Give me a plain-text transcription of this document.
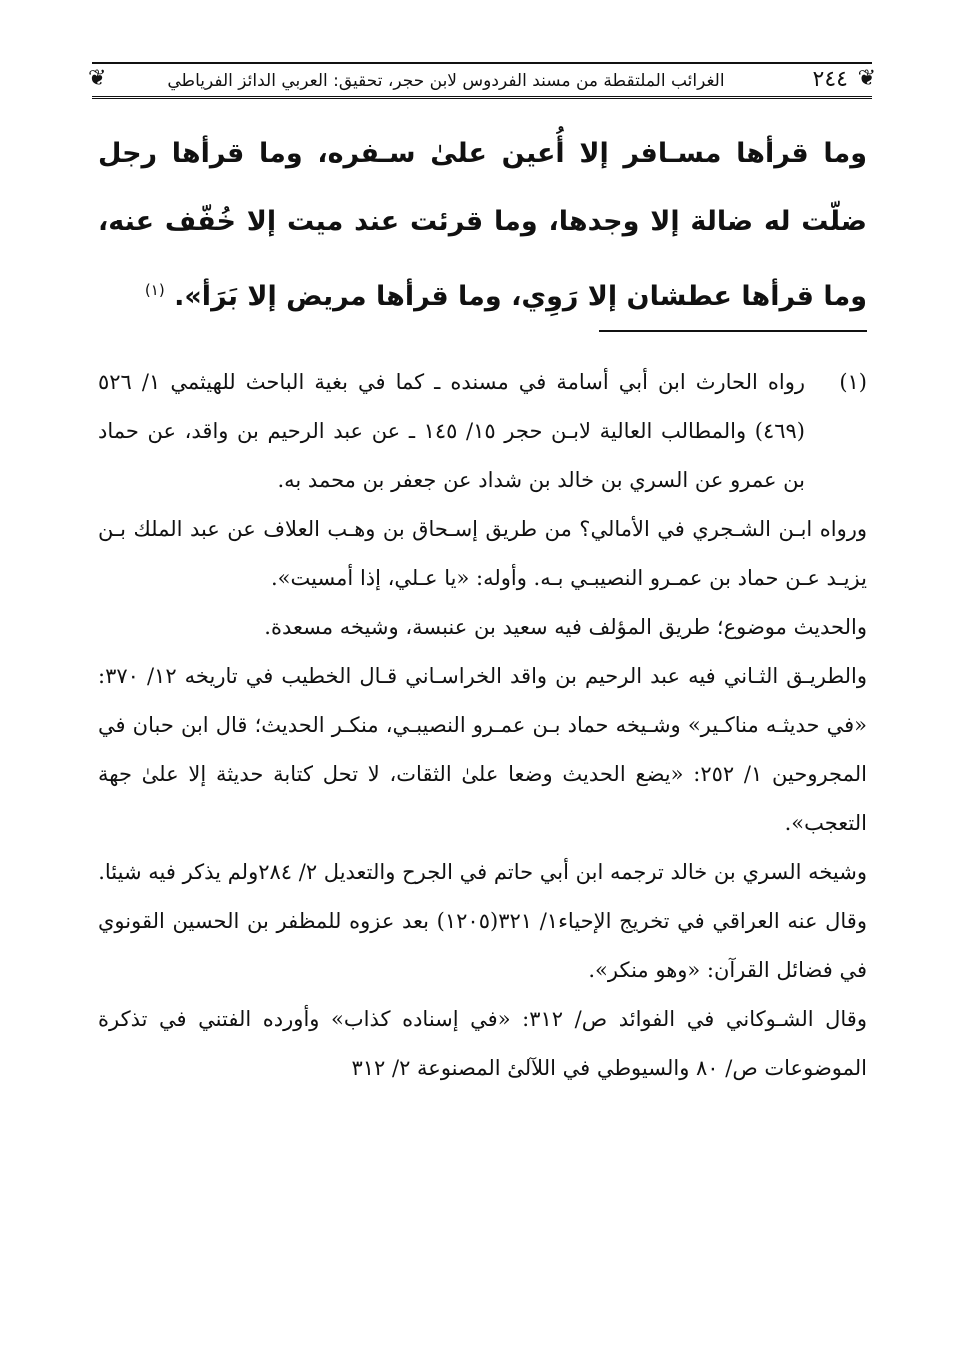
❦
❦	٢٤٤
الغرائب الملتقطة من مسند الفردوس لابن حجر، تحقيق: العربي الدائز الفرياطي

وما قرأها مسـافر إلا أُعين علىٰ سـفره، وما قرأها رجل ضلّت له ضالة إلا وجدها، وما قرئت عند ميت إلا خُفّف عنه، وما قرأها عطشان إلا رَوِي، وما قرأها مريض إلا بَرَأ». $^{(١)}$

(١)

رواه الحارث ابن أبي أسامة في مسنده ـ كما في بغية الباحث للهيثمي ١/ ٥٢٦ (٤٦٩) والمطالب العالية لابـن حجر ١٥/ ١٤٥ ـ عن عبد الرحيم بن واقد، عن حماد بن عمرو عن السري بن خالد بن شداد عن جعفر بن محمد به.

ورواه ابـن الشـجري في الأمالي؟ من طريق إسـحاق بن وهـب العلاف عن عبد الملك بـن يزيـد عـن حماد بن عمـرو النصيبـي بـه. وأوله: «يا عـلي، إذا أمسيت».

والحديث موضوع؛ طريق المؤلف فيه سعيد بن عنبسة، وشيخه مسعدة.

والطريـق الثـاني فيه عبد الرحيم بن واقد الخراسـاني قـال الخطيب في تاريخه ١٢/ ٣٧٠: «في حديثـه مناكـير» وشـيخه حماد بـن عمـرو النصيبـي، منكـر الحديث؛ قال ابن حبان في المجروحين ١/ ٢٥٢: «يضع الحديث وضعا علىٰ الثقات، لا تحل كتابة حديثة إلا علىٰ جهة التعجب».

وشيخه السري بن خالد ترجمه ابن أبي حاتم في الجرح والتعديل ٢/ ٢٨٤ولم يذكر فيه شيئا.

وقال عنه العراقي في تخريج الإحياء١/ ٣٢١(١٢٠٥) بعد عزوه للمظفر بن الحسين القونوي في فضائل القرآن: «وهو منكر».

وقال الشـوكاني في الفوائد ص/ ٣١٢: «في إسناده كذاب» وأورده الفتني في تذكرة الموضوعات ص/ ٨٠ والسيوطي في اللآلئ المصنوعة ٢/ ٣١٢
